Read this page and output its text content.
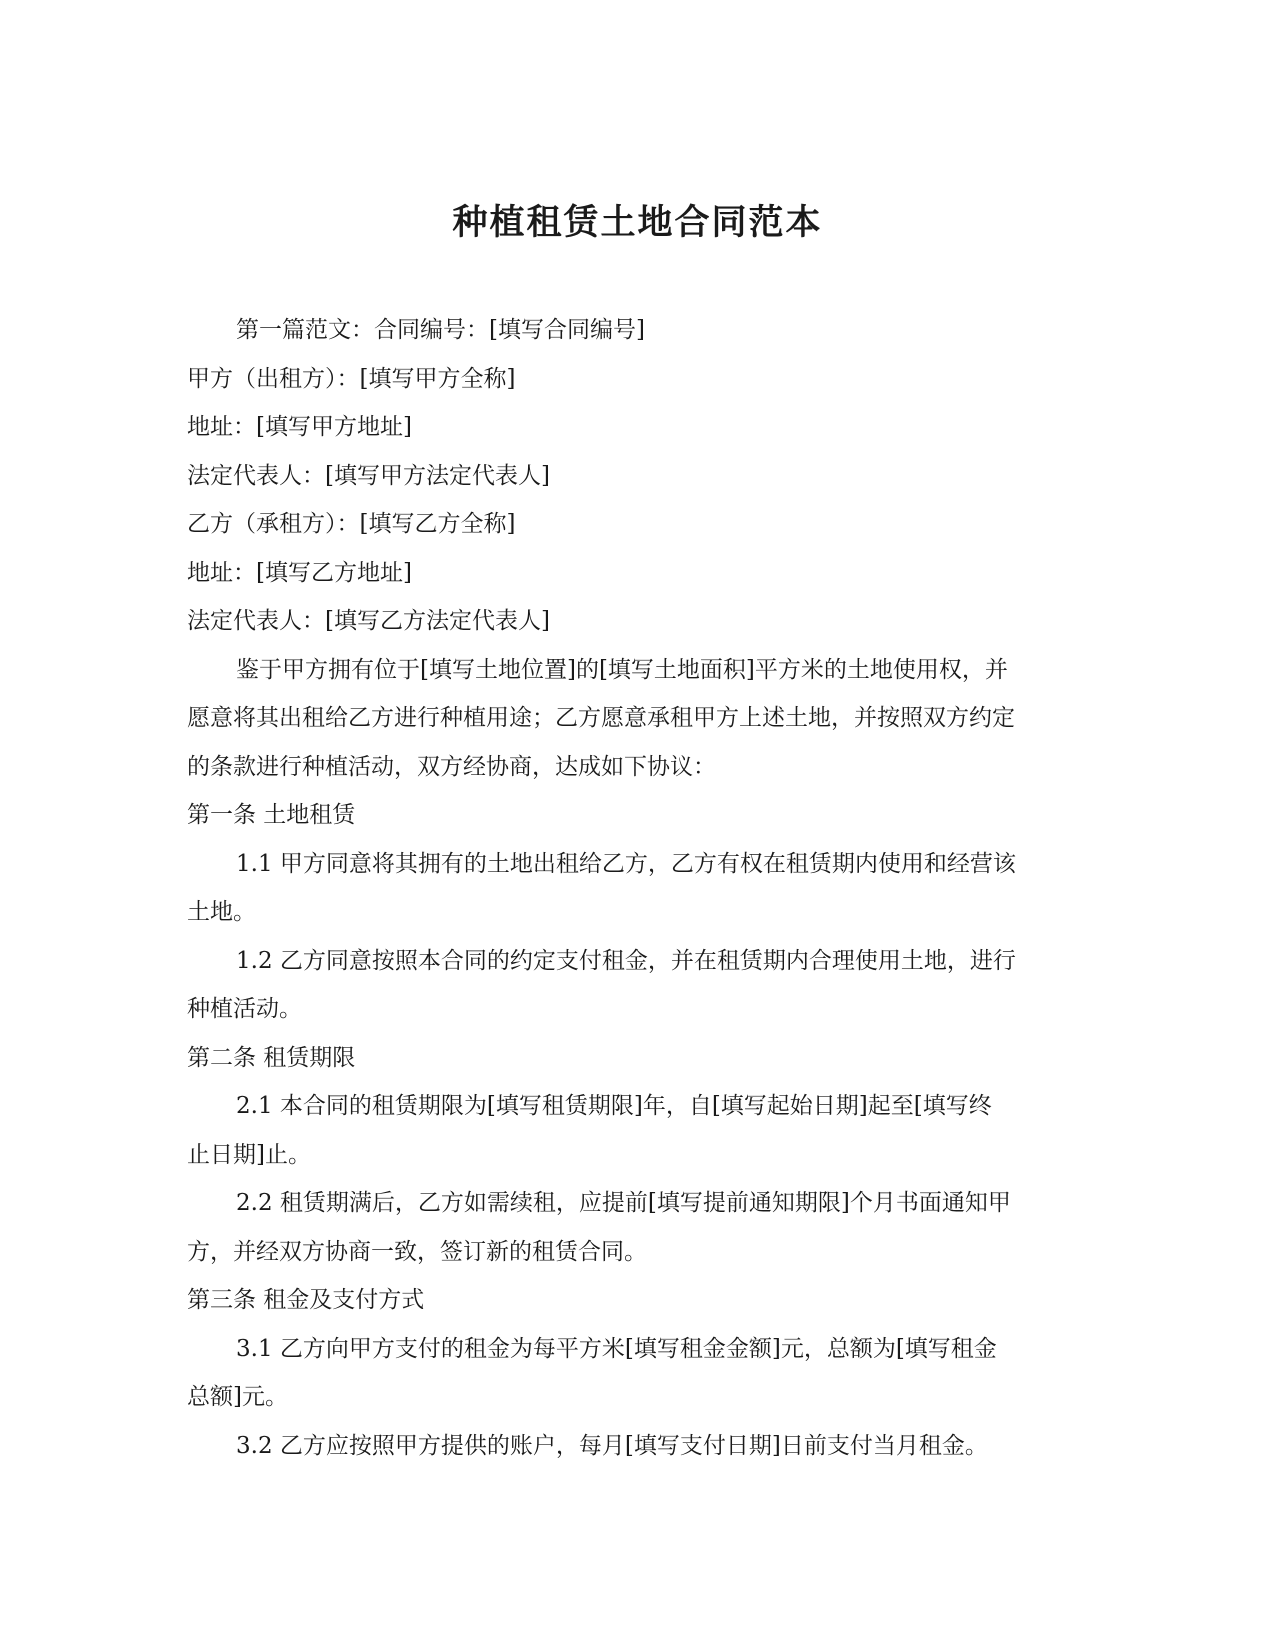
种植租赁土地合同范本

第一篇范文：合同编号：[填写合同编号]

甲方（出租方）：[填写甲方全称]

地址：[填写甲方地址]

法定代表人：[填写甲方法定代表人]

乙方（承租方）：[填写乙方全称]

地址：[填写乙方地址]

法定代表人：[填写乙方法定代表人]

鉴于甲方拥有位于[填写土地位置]的[填写土地面积]平方米的土地使用权，并

愿意将其出租给乙方进行种植用途；乙方愿意承租甲方上述土地，并按照双方约定

的条款进行种植活动，双方经协商，达成如下协议：

第一条 土地租赁

1.1 甲方同意将其拥有的土地出租给乙方，乙方有权在租赁期内使用和经营该

土地。

1.2 乙方同意按照本合同的约定支付租金，并在租赁期内合理使用土地，进行

种植活动。

第二条 租赁期限

2.1 本合同的租赁期限为[填写租赁期限]年，自[填写起始日期]起至[填写终

止日期]止。

2.2 租赁期满后，乙方如需续租，应提前[填写提前通知期限]个月书面通知甲

方，并经双方协商一致，签订新的租赁合同。

第三条 租金及支付方式

3.1 乙方向甲方支付的租金为每平方米[填写租金金额]元，总额为[填写租金

总额]元。

3.2 乙方应按照甲方提供的账户，每月[填写支付日期]日前支付当月租金。
